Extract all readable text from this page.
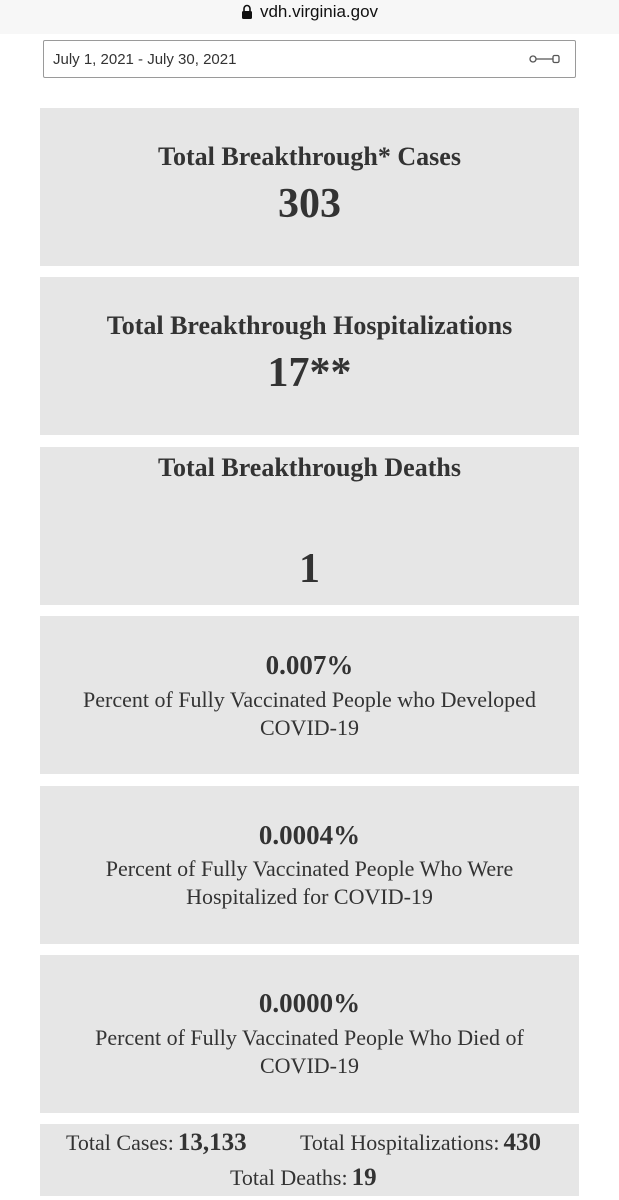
vdh.virginia.gov
July 1, 2021 - July 30, 2021
Total Breakthrough* Cases
303
Total Breakthrough Hospitalizations
17**
Total Breakthrough Deaths
1
0.007%
Percent of Fully Vaccinated People who Developed
COVID-19
0.0004%
Percent of Fully Vaccinated People Who Were
Hospitalized for COVID-19
0.0000%
Percent of Fully Vaccinated People Who Died of
COVID-19
Total Cases: 13,133 Total Hospitalizations: 430
Total Deaths: 19
